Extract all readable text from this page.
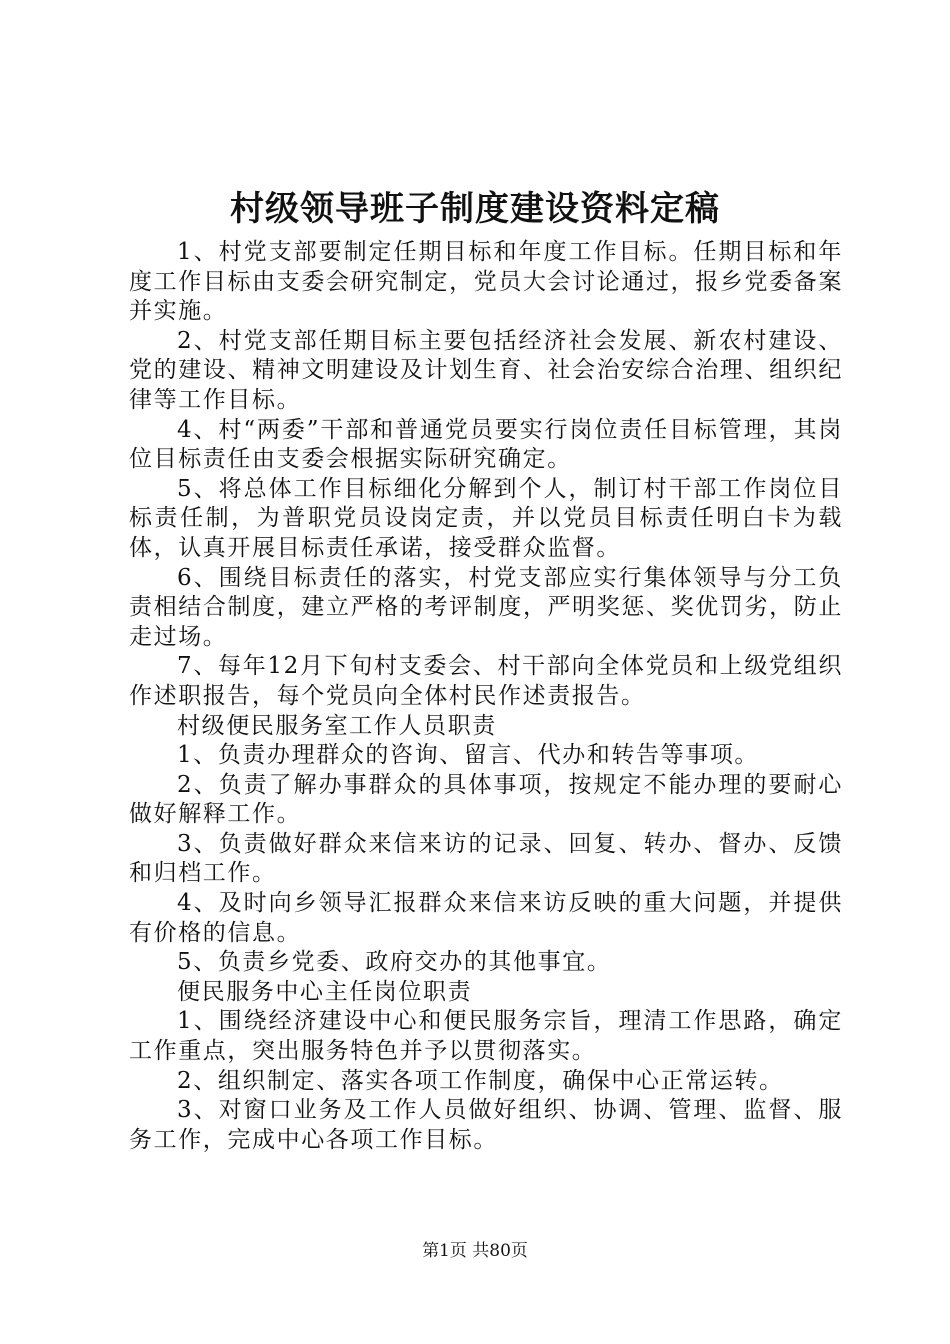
村级领导班子制度建设资料定稿

1、村党支部要制定任期目标和年度工作目标。任期目标和年度工作目标由支委会研究制定，党员大会讨论通过，报乡党委备案并实施。

2、村党支部任期目标主要包括经济社会发展、新农村建设、党的建设、精神文明建设及计划生育、社会治安综合治理、组织纪律等工作目标。

4、村“两委”干部和普通党员要实行岗位责任目标管理，其岗位目标责任由支委会根据实际研究确定。

5、将总体工作目标细化分解到个人，制订村干部工作岗位目标责任制，为普职党员设岗定责，并以党员目标责任明白卡为载体，认真开展目标责任承诺，接受群众监督。

6、围绕目标责任的落实，村党支部应实行集体领导与分工负责相结合制度，建立严格的考评制度，严明奖惩、奖优罚劣，防止走过场。

7、每年12月下旬村支委会、村干部向全体党员和上级党组织作述职报告，每个党员向全体村民作述责报告。

村级便民服务室工作人员职责

1、负责办理群众的咨询、留言、代办和转告等事项。

2、负责了解办事群众的具体事项，按规定不能办理的要耐心做好解释工作。

3、负责做好群众来信来访的记录、回复、转办、督办、反馈和归档工作。

4、及时向乡领导汇报群众来信来访反映的重大问题，并提供有价格的信息。

5、负责乡党委、政府交办的其他事宜。

便民服务中心主任岗位职责

1、围绕经济建设中心和便民服务宗旨，理清工作思路，确定工作重点，突出服务特色并予以贯彻落实。

2、组织制定、落实各项工作制度，确保中心正常运转。

3、对窗口业务及工作人员做好组织、协调、管理、监督、服务工作，完成中心各项工作目标。

第1页 共80页
